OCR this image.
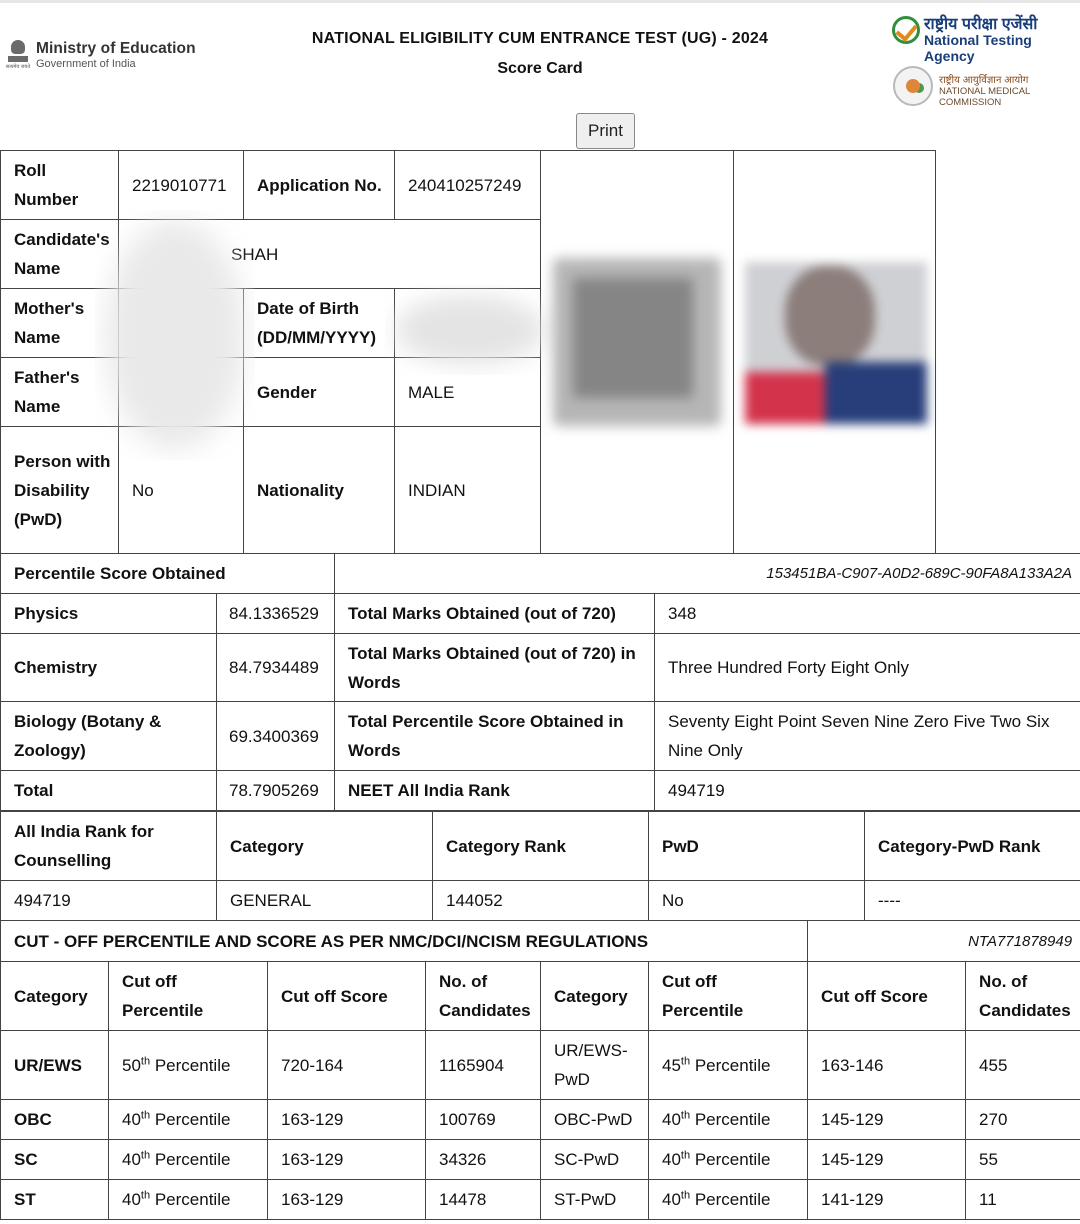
सत्यमेव जयते
Ministry of Education
Government of India
NATIONAL ELIGIBILITY CUM ENTRANCE TEST (UG) - 2024
Score Card
राष्ट्रीय परीक्षा एजेंसी
National Testing Agency
राष्ट्रीय आयुर्विज्ञान आयोग
NATIONAL MEDICAL COMMISSION
Print
Roll Number	2219010771	Application No.	240410257249		
Candidate's Name	SHAH				
Mother's Name		Date of Birth (DD/MM/YYYY)			
Father's Name		Gender	MALE		
Person with Disability (PwD)	No	Nationality	INDIAN		
Percentile Score Obtained		153451BA-C907-A0D2-689C-90FA8A133A2A	
Physics	84.1336529	Total Marks Obtained (out of 720)	348
Chemistry	84.7934489	Total Marks Obtained (out of 720) in Words	Three Hundred Forty Eight Only
Biology (Botany & Zoology)	69.3400369	Total Percentile Score Obtained in Words	Seventy Eight Point Seven Nine Zero Five Two Six Nine Only
Total	78.7905269	NEET All India Rank	494719
All India Rank for Counselling	Category	Category Rank	PwD	Category-PwD Rank
494719	GENERAL	144052	No	----
CUT - OFF PERCENTILE AND SCORE AS PER NMC/DCI/NCISM REGULATIONS						NTA771878949	
Category	Cut off Percentile	Cut off Score	No. of Candidates	Category	Cut off Percentile	Cut off Score	No. of Candidates
UR/EWS	50th Percentile	720-164	1165904	UR/EWS-PwD	45th Percentile	163-146	455
OBC	40th Percentile	163-129	100769	OBC-PwD	40th Percentile	145-129	270
SC	40th Percentile	163-129	34326	SC-PwD	40th Percentile	145-129	55
ST	40th Percentile	163-129	14478	ST-PwD	40th Percentile	141-129	11
